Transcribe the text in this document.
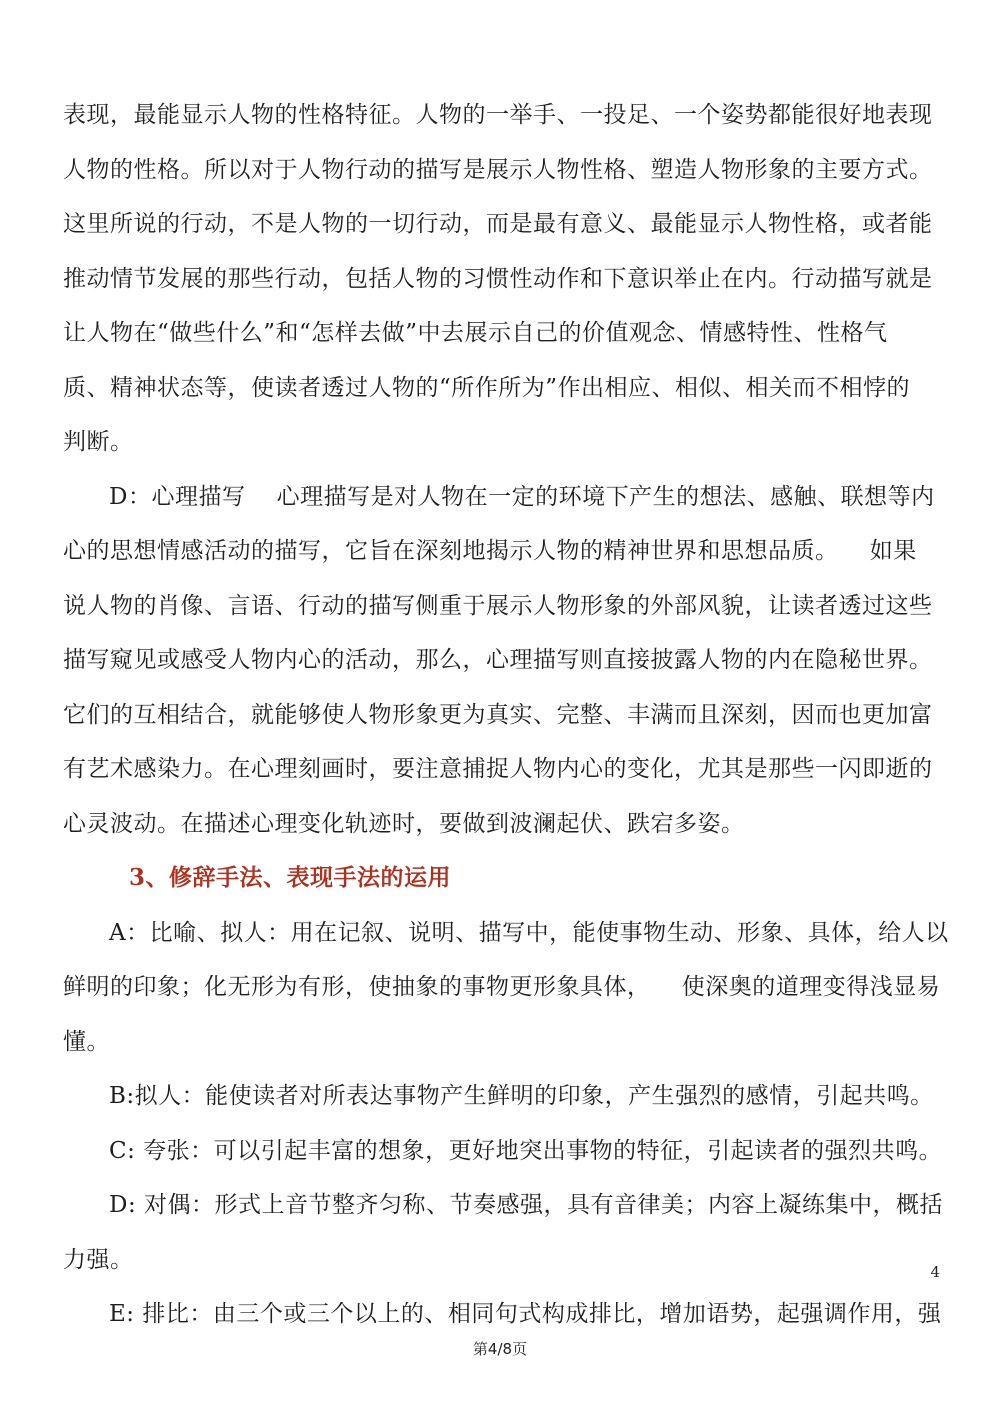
表现，最能显示人物的性格特征。人物的一举手、一投足、一个姿势都能很好地表现
人物的性格。所以对于人物行动的描写是展示人物性格、塑造人物形象的主要方式。
这里所说的行动，不是人物的一切行动，而是最有意义、最能显示人物性格，或者能
推动情节发展的那些行动，包括人物的习惯性动作和下意识举止在内。行动描写就是
让人物在“做些什么”和“怎样去做”中去展示自己的价值观念、情感特性、性格气
质、精神状态等，使读者透过人物的“所作所为”作出相应、相似、相关而不相悖的
判断。
D：心理描写    心理描写是对人物在一定的环境下产生的想法、感触、联想等内
心的思想情感活动的描写，它旨在深刻地揭示人物的精神世界和思想品质。    如果
说人物的肖像、言语、行动的描写侧重于展示人物形象的外部风貌，让读者透过这些
描写窥见或感受人物内心的活动，那么，心理描写则直接披露人物的内在隐秘世界。
它们的互相结合，就能够使人物形象更为真实、完整、丰满而且深刻，因而也更加富
有艺术感染力。在心理刻画时，要注意捕捉人物内心的变化，尤其是那些一闪即逝的
心灵波动。在描述心理变化轨迹时，要做到波澜起伏、跌宕多姿。
3、修辞手法、表现手法的运用
A：比喻、拟人：用在记叙、说明、描写中，能使事物生动、形象、具体，给人以
鲜明的印象；化无形为有形，使抽象的事物更形象具体，    使深奥的道理变得浅显易
懂。
B:拟人：能使读者对所表达事物产生鲜明的印象，产生强烈的感情，引起共鸣。
C: 夸张：可以引起丰富的想象，更好地突出事物的特征，引起读者的强烈共鸣。
D: 对偶：形式上音节整齐匀称、节奏感强，具有音律美；内容上凝练集中，概括
力强。
E: 排比：由三个或三个以上的、相同句式构成排比，增加语势，起强调作用，强
4
第4/8页
